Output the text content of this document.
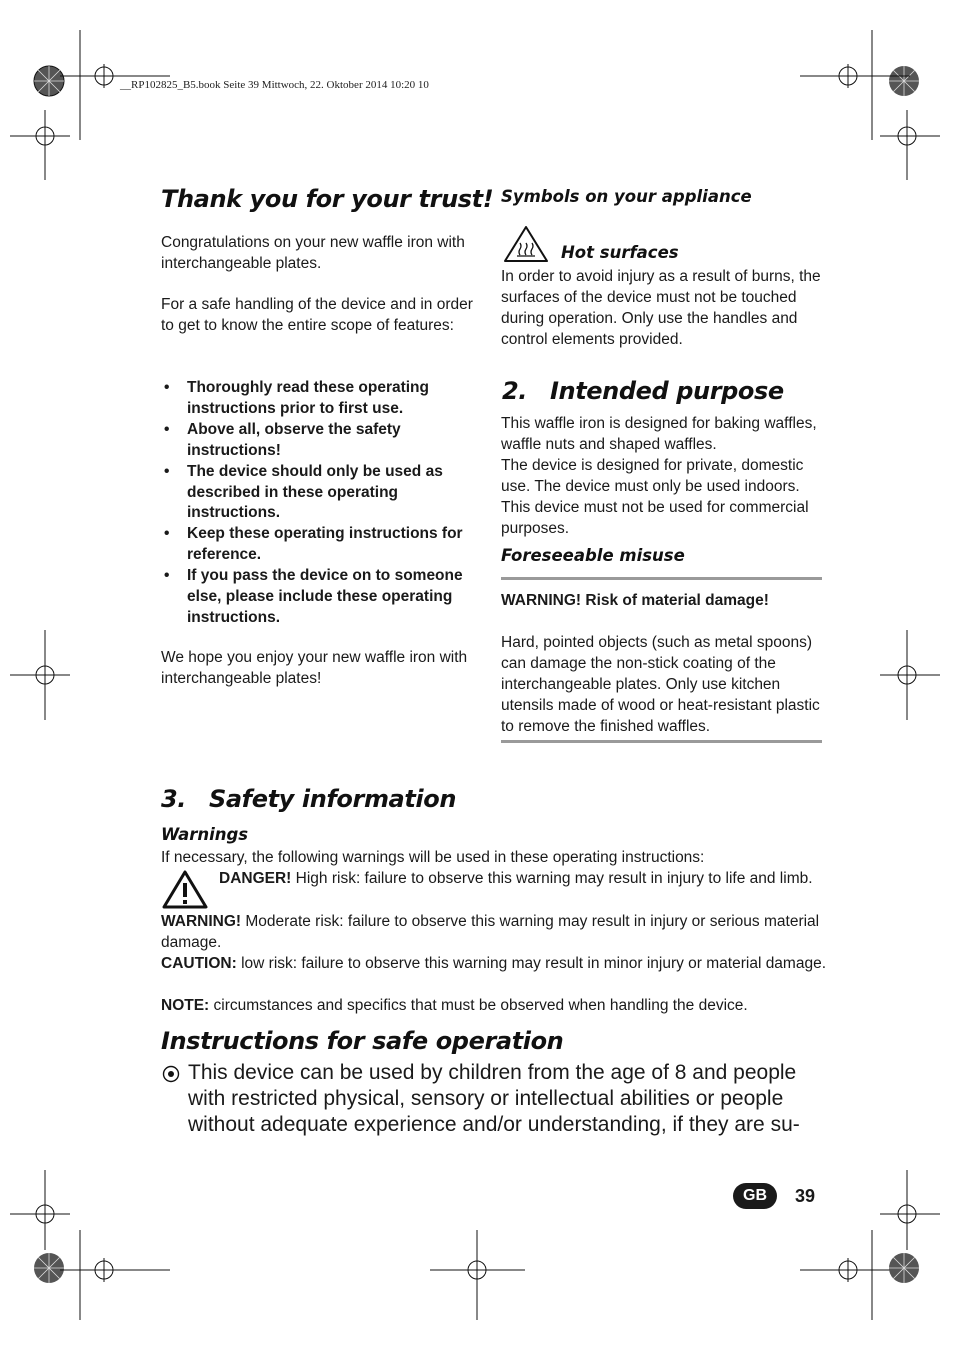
__RP102825_B5.book Seite 39 Mittwoch, 22. Oktober 2014 10:20 10
Thank you for your trust!
Congratulations on your new waffle iron with interchangeable plates.
For a safe handling of the device and in order to get to know the entire scope of features:
• Thoroughly read these operating instructions prior to first use.
• Above all, observe the safety instructions!
• The device should only be used as described in these operating instructions.
• Keep these operating instructions for reference.
• If you pass the device on to someone else, please include these operating instructions.
We hope you enjoy your new waffle iron with interchangeable plates!
Symbols on your appliance
Hot surfaces
In order to avoid injury as a result of burns, the surfaces of the device must not be touched during operation. Only use the handles and control elements provided.
2. Intended purpose
This waffle iron is designed for baking waffles, waffle nuts and shaped waffles.
The device is designed for private, domestic use. The device must only be used indoors. This device must not be used for commercial purposes.
Foreseeable misuse
WARNING! Risk of material damage!
Hard, pointed objects (such as metal spoons) can damage the non-stick coating of the interchangeable plates. Only use kitchen utensils made of wood or heat-resistant plastic to remove the finished waffles.
3. Safety information
Warnings
If necessary, the following warnings will be used in these operating instructions:
DANGER! High risk: failure to observe this warning may result in injury to life and limb.
WARNING! Moderate risk: failure to observe this warning may result in injury or serious material damage.
CAUTION: low risk: failure to observe this warning may result in minor injury or material damage.
NOTE: circumstances and specifics that must be observed when handling the device.
Instructions for safe operation
This device can be used by children from the age of 8 and people with restricted physical, sensory or intellectual abilities or people without adequate experience and/or understanding, if they are su-
GB	39
